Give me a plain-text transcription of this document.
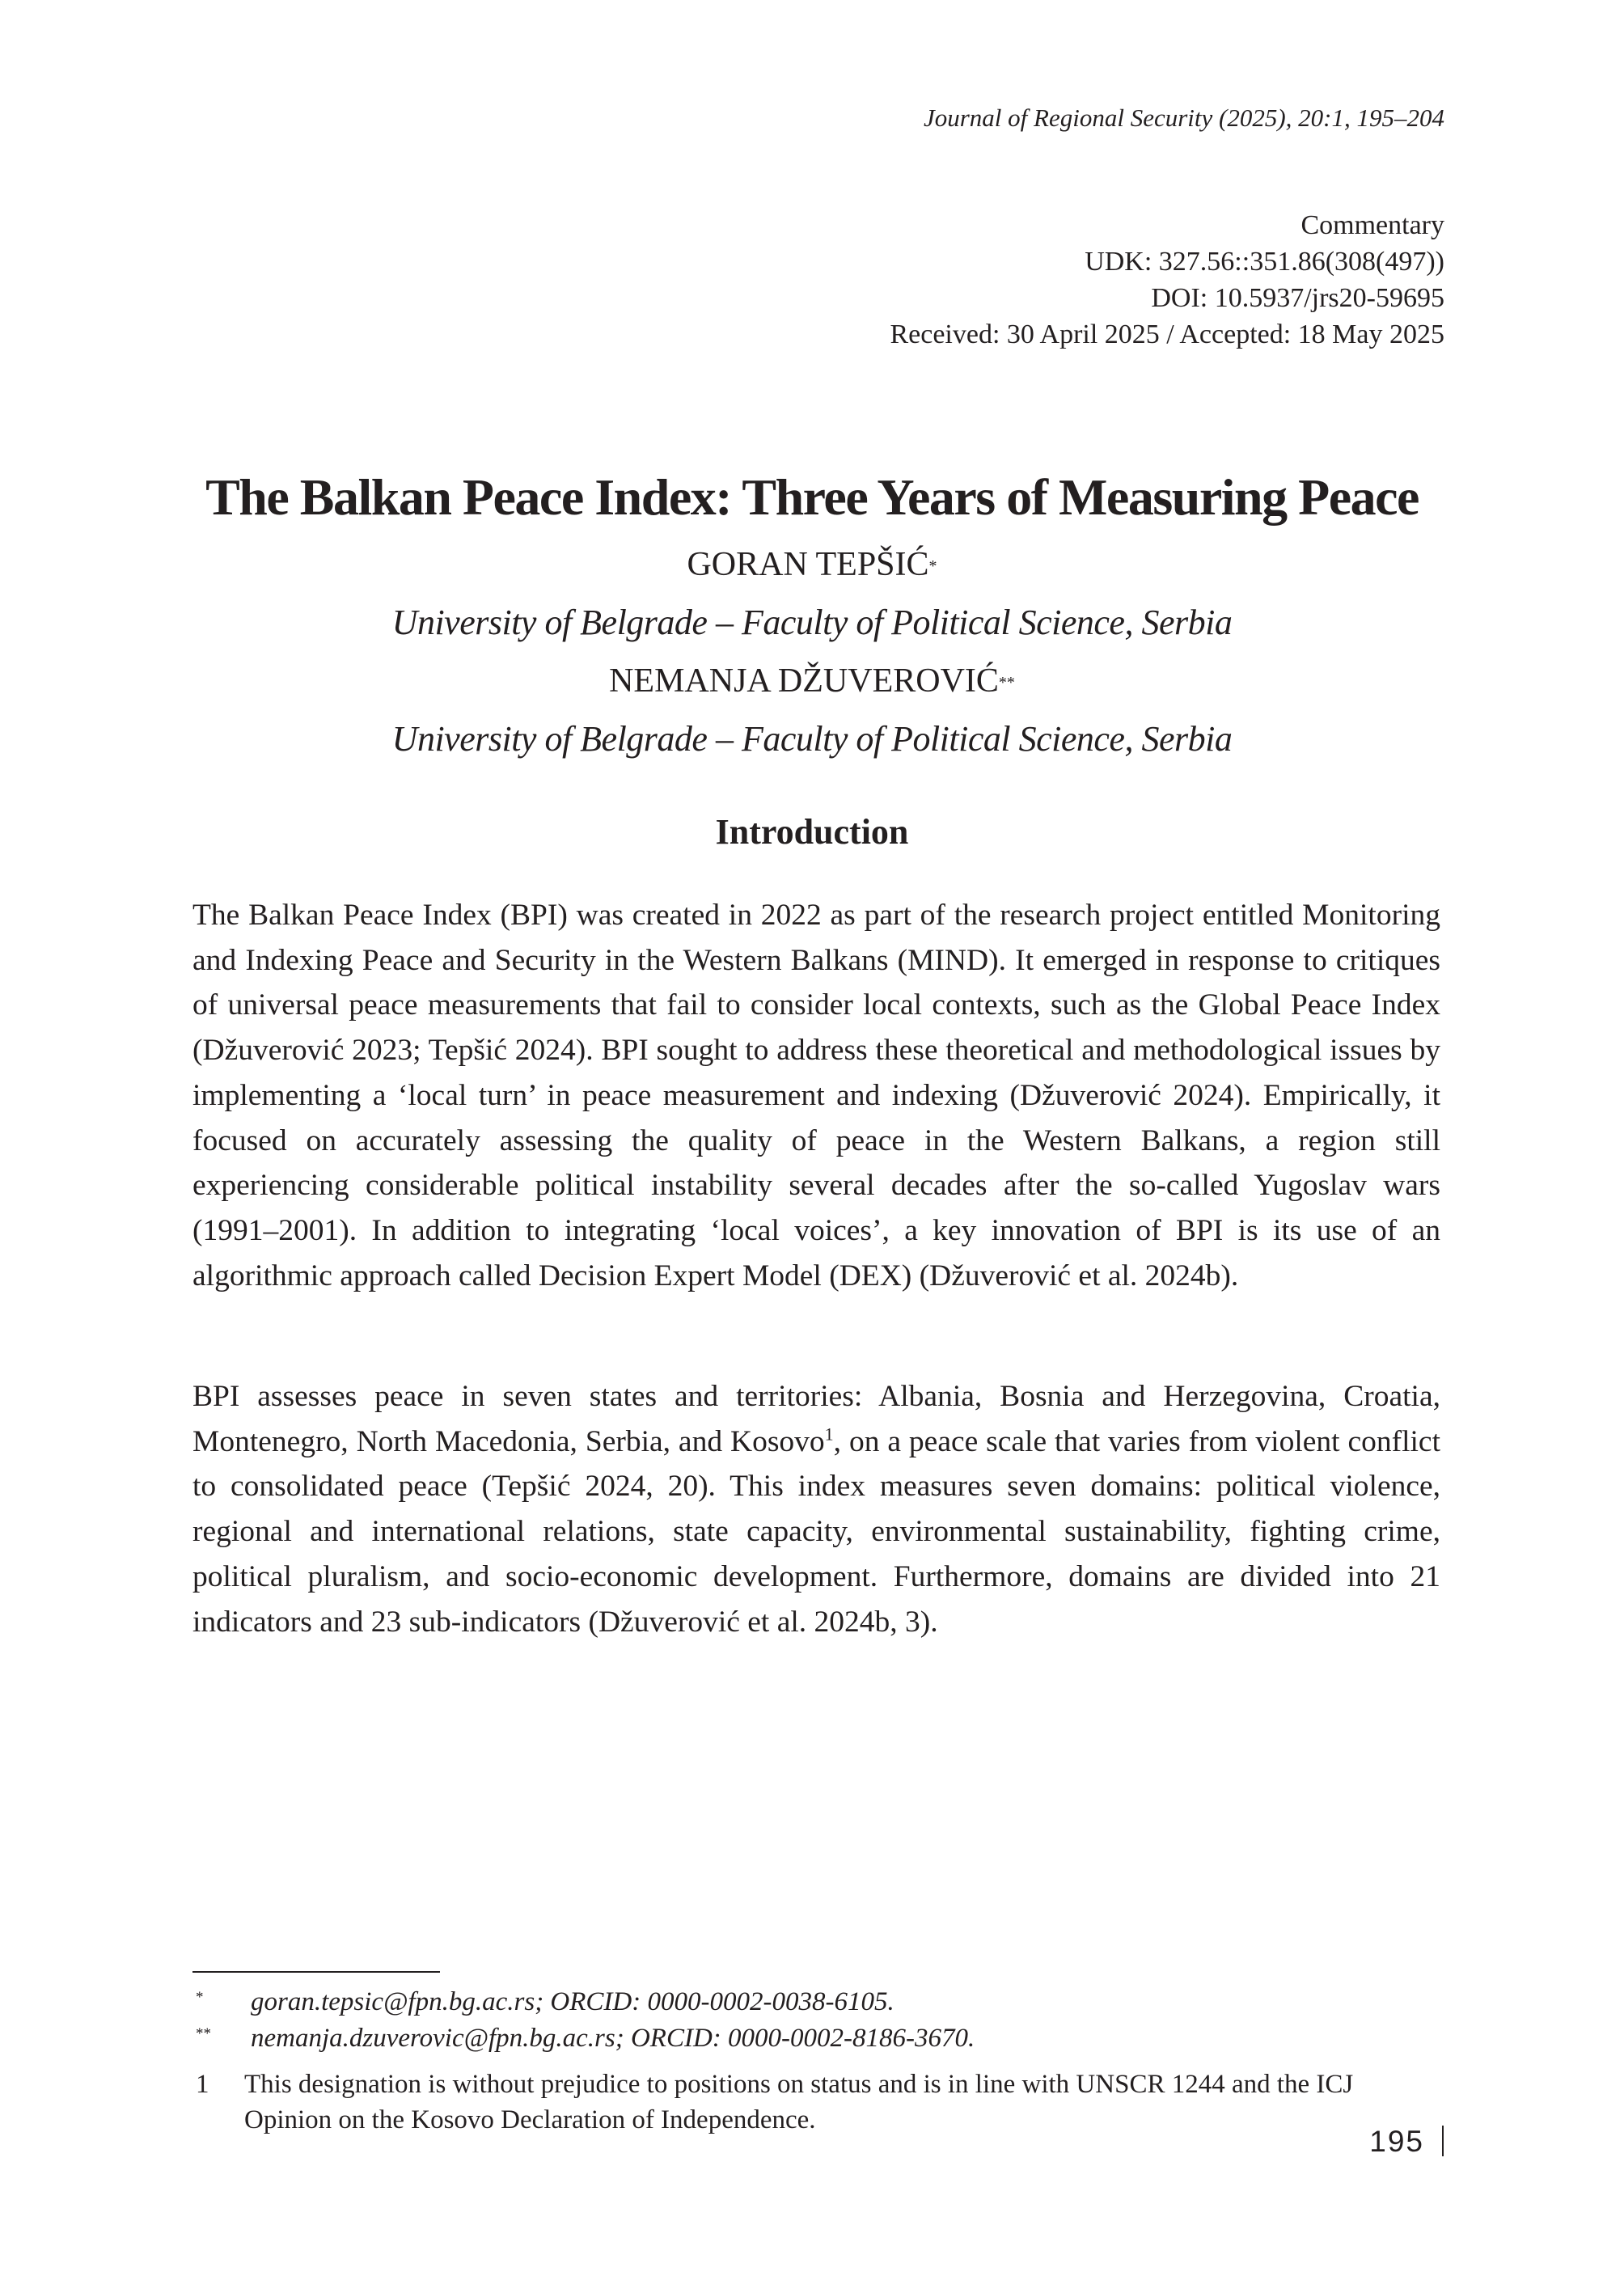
Journal of Regional Security (2025), 20:1, 195–204
Commentary
UDK: 327.56::351.86(308(497))
DOI: 10.5937/jrs20-59695
Received: 30 April 2025 / Accepted: 18 May 2025
The Balkan Peace Index: Three Years of Measuring Peace
GORAN TEPŠIĆ*
University of Belgrade – Faculty of Political Science, Serbia
NEMANJA DŽUVEROVIĆ**
University of Belgrade – Faculty of Political Science, Serbia
Introduction
The Balkan Peace Index (BPI) was created in 2022 as part of the research project entitled Monitoring and Indexing Peace and Security in the Western Balkans (MIND). It emerged in response to critiques of universal peace measurements that fail to consider local contexts, such as the Global Peace Index (Džuverović 2023; Tepšić 2024). BPI sought to address these theoretical and methodological issues by implementing a ‘local turn’ in peace measurement and indexing (Džuverović 2024). Empirically, it focused on accurately assessing the quality of peace in the Western Balkans, a region still experiencing considerable political instability several decades after the so-called Yugoslav wars (1991–2001). In addition to integrating ‘local voices’, a key innovation of BPI is its use of an algorithmic approach called Decision Expert Model (DEX) (Džuverović et al. 2024b).
BPI assesses peace in seven states and territories: Albania, Bosnia and Herzegovina, Croatia, Montenegro, North Macedonia, Serbia, and Kosovo$^1$, on a peace scale that varies from violent conflict to consolidated peace (Tepšić 2024, 20). This index measures seven domains: political violence, regional and international relations, state capacity, environmental sustainability, fighting crime, political pluralism, and socio-economic development. Furthermore, domains are divided into 21 indicators and 23 sub-indicators (Džuverović et al. 2024b, 3).
* goran.tepsic@fpn.bg.ac.rs; ORCID: 0000-0002-0038-6105.
** nemanja.dzuverovic@fpn.bg.ac.rs; ORCID: 0000-0002-8186-3670.
1 This designation is without prejudice to positions on status and is in line with UNSCR 1244 and the ICJ Opinion on the Kosovo Declaration of Independence.
195
